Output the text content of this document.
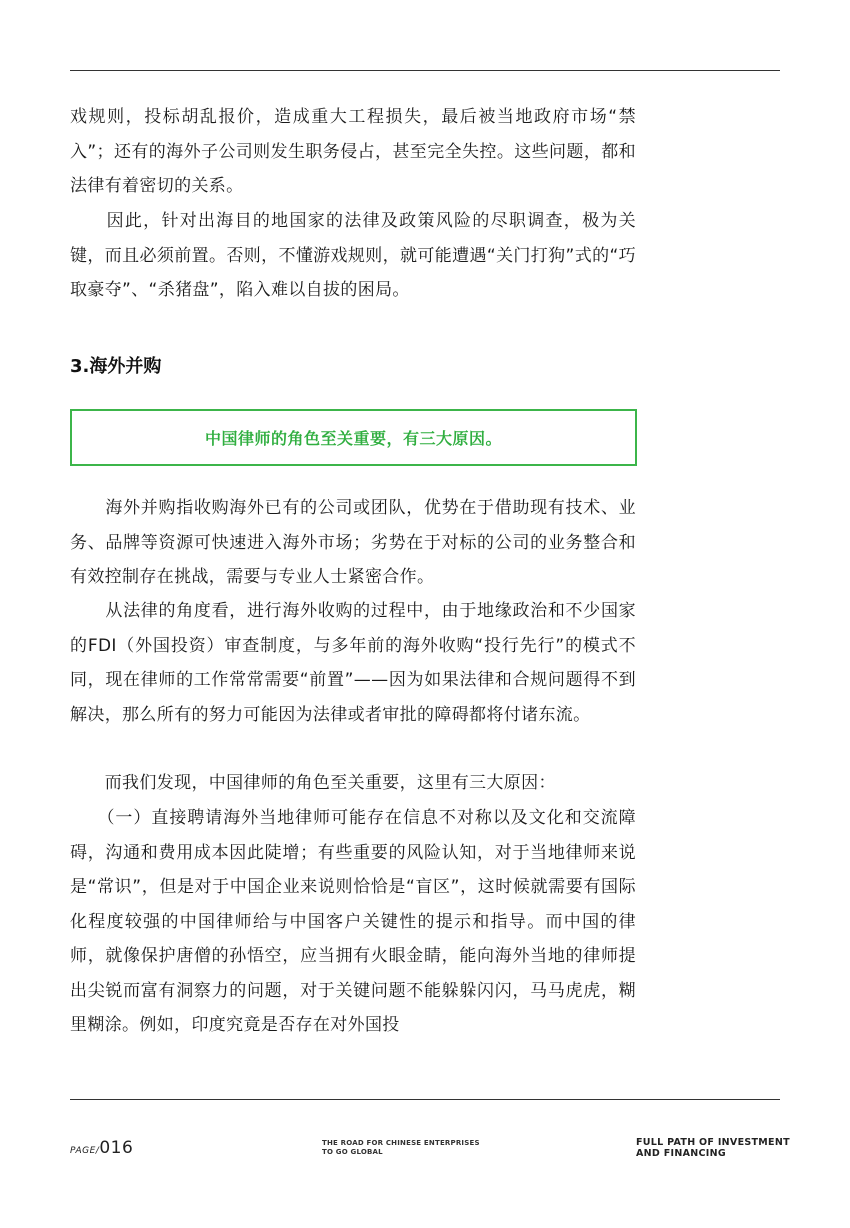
戏规则，投标胡乱报价，造成重大工程损失，最后被当地政府市场“禁入”；还有的海外子公司则发生职务侵占，甚至完全失控。这些问题，都和法律有着密切的关系。

　　因此，针对出海目的地国家的法律及政策风险的尽职调查，极为关键，而且必须前置。否则，不懂游戏规则，就可能遭遇“关门打狗”式的“巧取豪夺”、“杀猪盘”，陷入难以自拔的困局。

3.海外并购
中国律师的角色至关重要，有三大原因。

　　海外并购指收购海外已有的公司或团队，优势在于借助现有技术、业务、品牌等资源可快速进入海外市场；劣势在于对标的公司的业务整合和有效控制存在挑战，需要与专业人士紧密合作。

　　从法律的角度看，进行海外收购的过程中，由于地缘政治和不少国家的FDI（外国投资）审查制度，与多年前的海外收购“投行先行”的模式不同，现在律师的工作常常需要“前置”——因为如果法律和合规问题得不到解决，那么所有的努力可能因为法律或者审批的障碍都将付诸东流。

　　而我们发现，中国律师的角色至关重要，这里有三大原因：

　　（一）直接聘请海外当地律师可能存在信息不对称以及文化和交流障碍，沟通和费用成本因此陡增；有些重要的风险认知，对于当地律师来说是“常识”，但是对于中国企业来说则恰恰是“盲区”，这时候就需要有国际化程度较强的中国律师给与中国客户关键性的提示和指导。而中国的律师，就像保护唐僧的孙悟空，应当拥有火眼金睛，能向海外当地的律师提出尖锐而富有洞察力的问题，对于关键问题不能躲躲闪闪，马马虎虎，糊里糊涂。例如，印度究竟是否存在对外国投

PAGE/016	THE ROAD FOR CHINESE ENTERPRISES
TO GO GLOBAL
FULL PATH OF INVESTMENT
AND FINANCING
